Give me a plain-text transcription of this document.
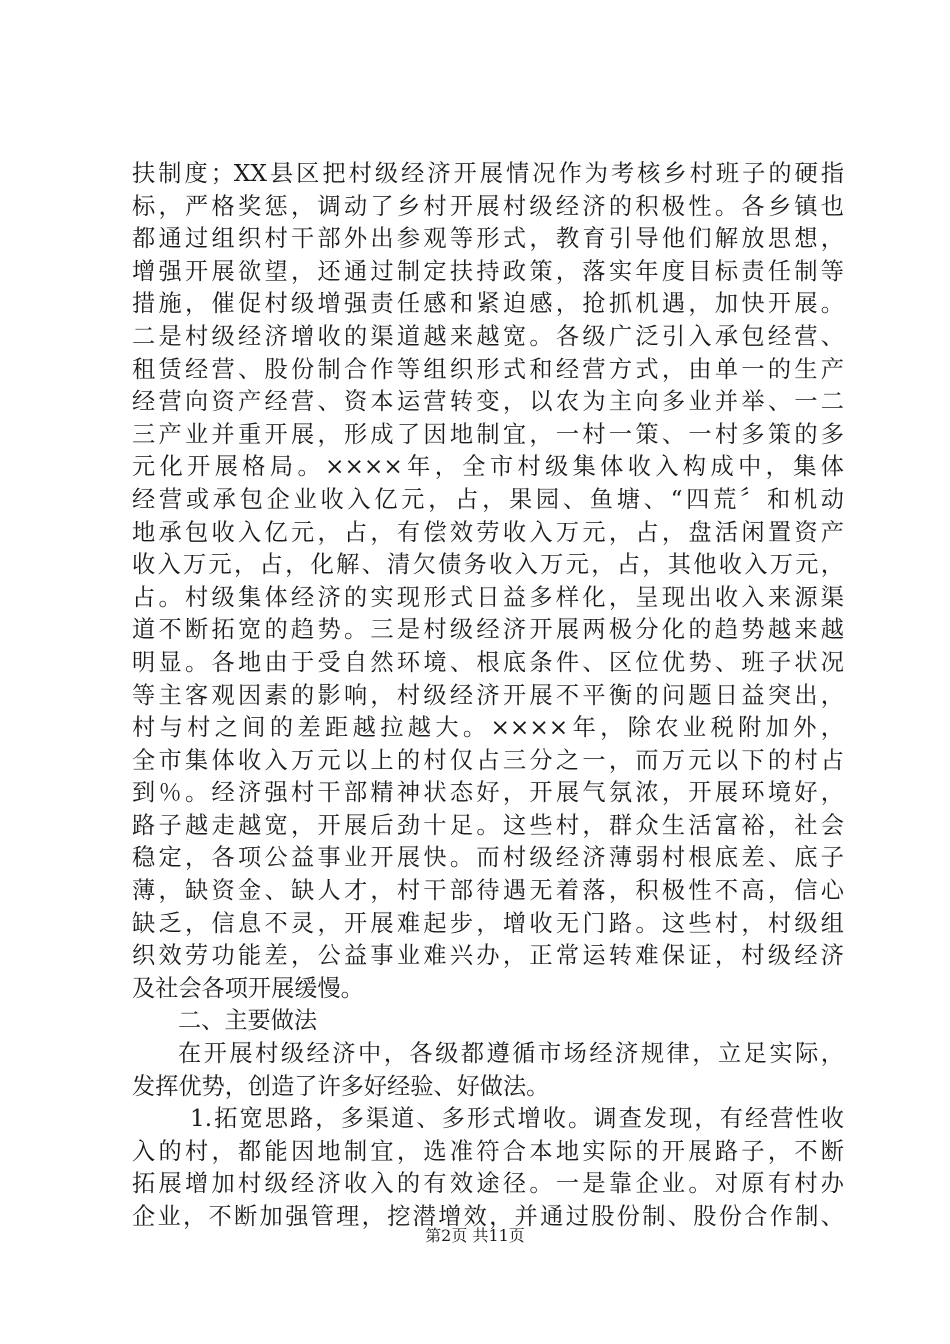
扶制度；XX县区把村级经济开展情况作为考核乡村班子的硬指
标，严格奖惩，调动了乡村开展村级经济的积极性。各乡镇也
都通过组织村干部外出参观等形式，教育引导他们解放思想，
增强开展欲望，还通过制定扶持政策，落实年度目标责任制等
措施，催促村级增强责任感和紧迫感，抢抓机遇，加快开展。
二是村级经济增收的渠道越来越宽。各级广泛引入承包经营、
租赁经营、股份制合作等组织形式和经营方式，由单一的生产
经营向资产经营、资本运营转变，以农为主向多业并举、一二
三产业并重开展，形成了因地制宜，一村一策、一村多策的多
元化开展格局。××××年，全市村级集体收入构成中，集体
经营或承包企业收入亿元，占，果园、鱼塘、“四荒〞和机动
地承包收入亿元，占，有偿效劳收入万元，占，盘活闲置资产
收入万元，占，化解、清欠债务收入万元，占，其他收入万元，
占。村级集体经济的实现形式日益多样化，呈现出收入来源渠
道不断拓宽的趋势。三是村级经济开展两极分化的趋势越来越
明显。各地由于受自然环境、根底条件、区位优势、班子状况
等主客观因素的影响，村级经济开展不平衡的问题日益突出，
村与村之间的差距越拉越大。××××年，除农业税附加外，
全市集体收入万元以上的村仅占三分之一，而万元以下的村占
到％。经济强村干部精神状态好，开展气氛浓，开展环境好，
路子越走越宽，开展后劲十足。这些村，群众生活富裕，社会
稳定，各项公益事业开展快。而村级经济薄弱村根底差、底子
薄，缺资金、缺人才，村干部待遇无着落，积极性不高，信心
缺乏，信息不灵，开展难起步，增收无门路。这些村，村级组
织效劳功能差，公益事业难兴办，正常运转难保证，村级经济
及社会各项开展缓慢。
二、主要做法
在开展村级经济中，各级都遵循市场经济规律，立足实际，
发挥优势，创造了许多好经验、好做法。
1.拓宽思路，多渠道、多形式增收。调查发现，有经营性收
入的村，都能因地制宜，选准符合本地实际的开展路子，不断
拓展增加村级经济收入的有效途径。一是靠企业。对原有村办
企业，不断加强管理，挖潜增效，并通过股份制、股份合作制、
第2页 共11页
